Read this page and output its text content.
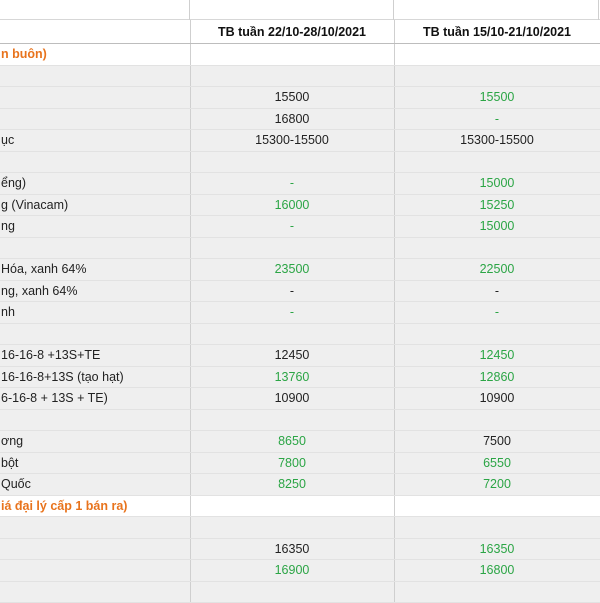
	TB tuần 22/10-28/10/2021	TB tuần 15/10-21/10/2021
n buôn)		

	15500	15500
	16800	-
ục	15300-15500	15300-15500

ểng)	-	15000
g (Vinacam)	16000	15250
ng	-	15000

Hóa, xanh 64%	23500	22500
ng, xanh 64%	-	-
nh	-	-

16-16-8 +13S+TE	12450	12450
16-16-8+13S (tạo hạt)	13760	12860
6-16-8 + 13S + TE)	10900	10900

ơng	8650	7500
bột	7800	6550
Quốc	8250	7200
iá đại lý cấp 1 bán ra)		

	16350	16350
	16900	16800
